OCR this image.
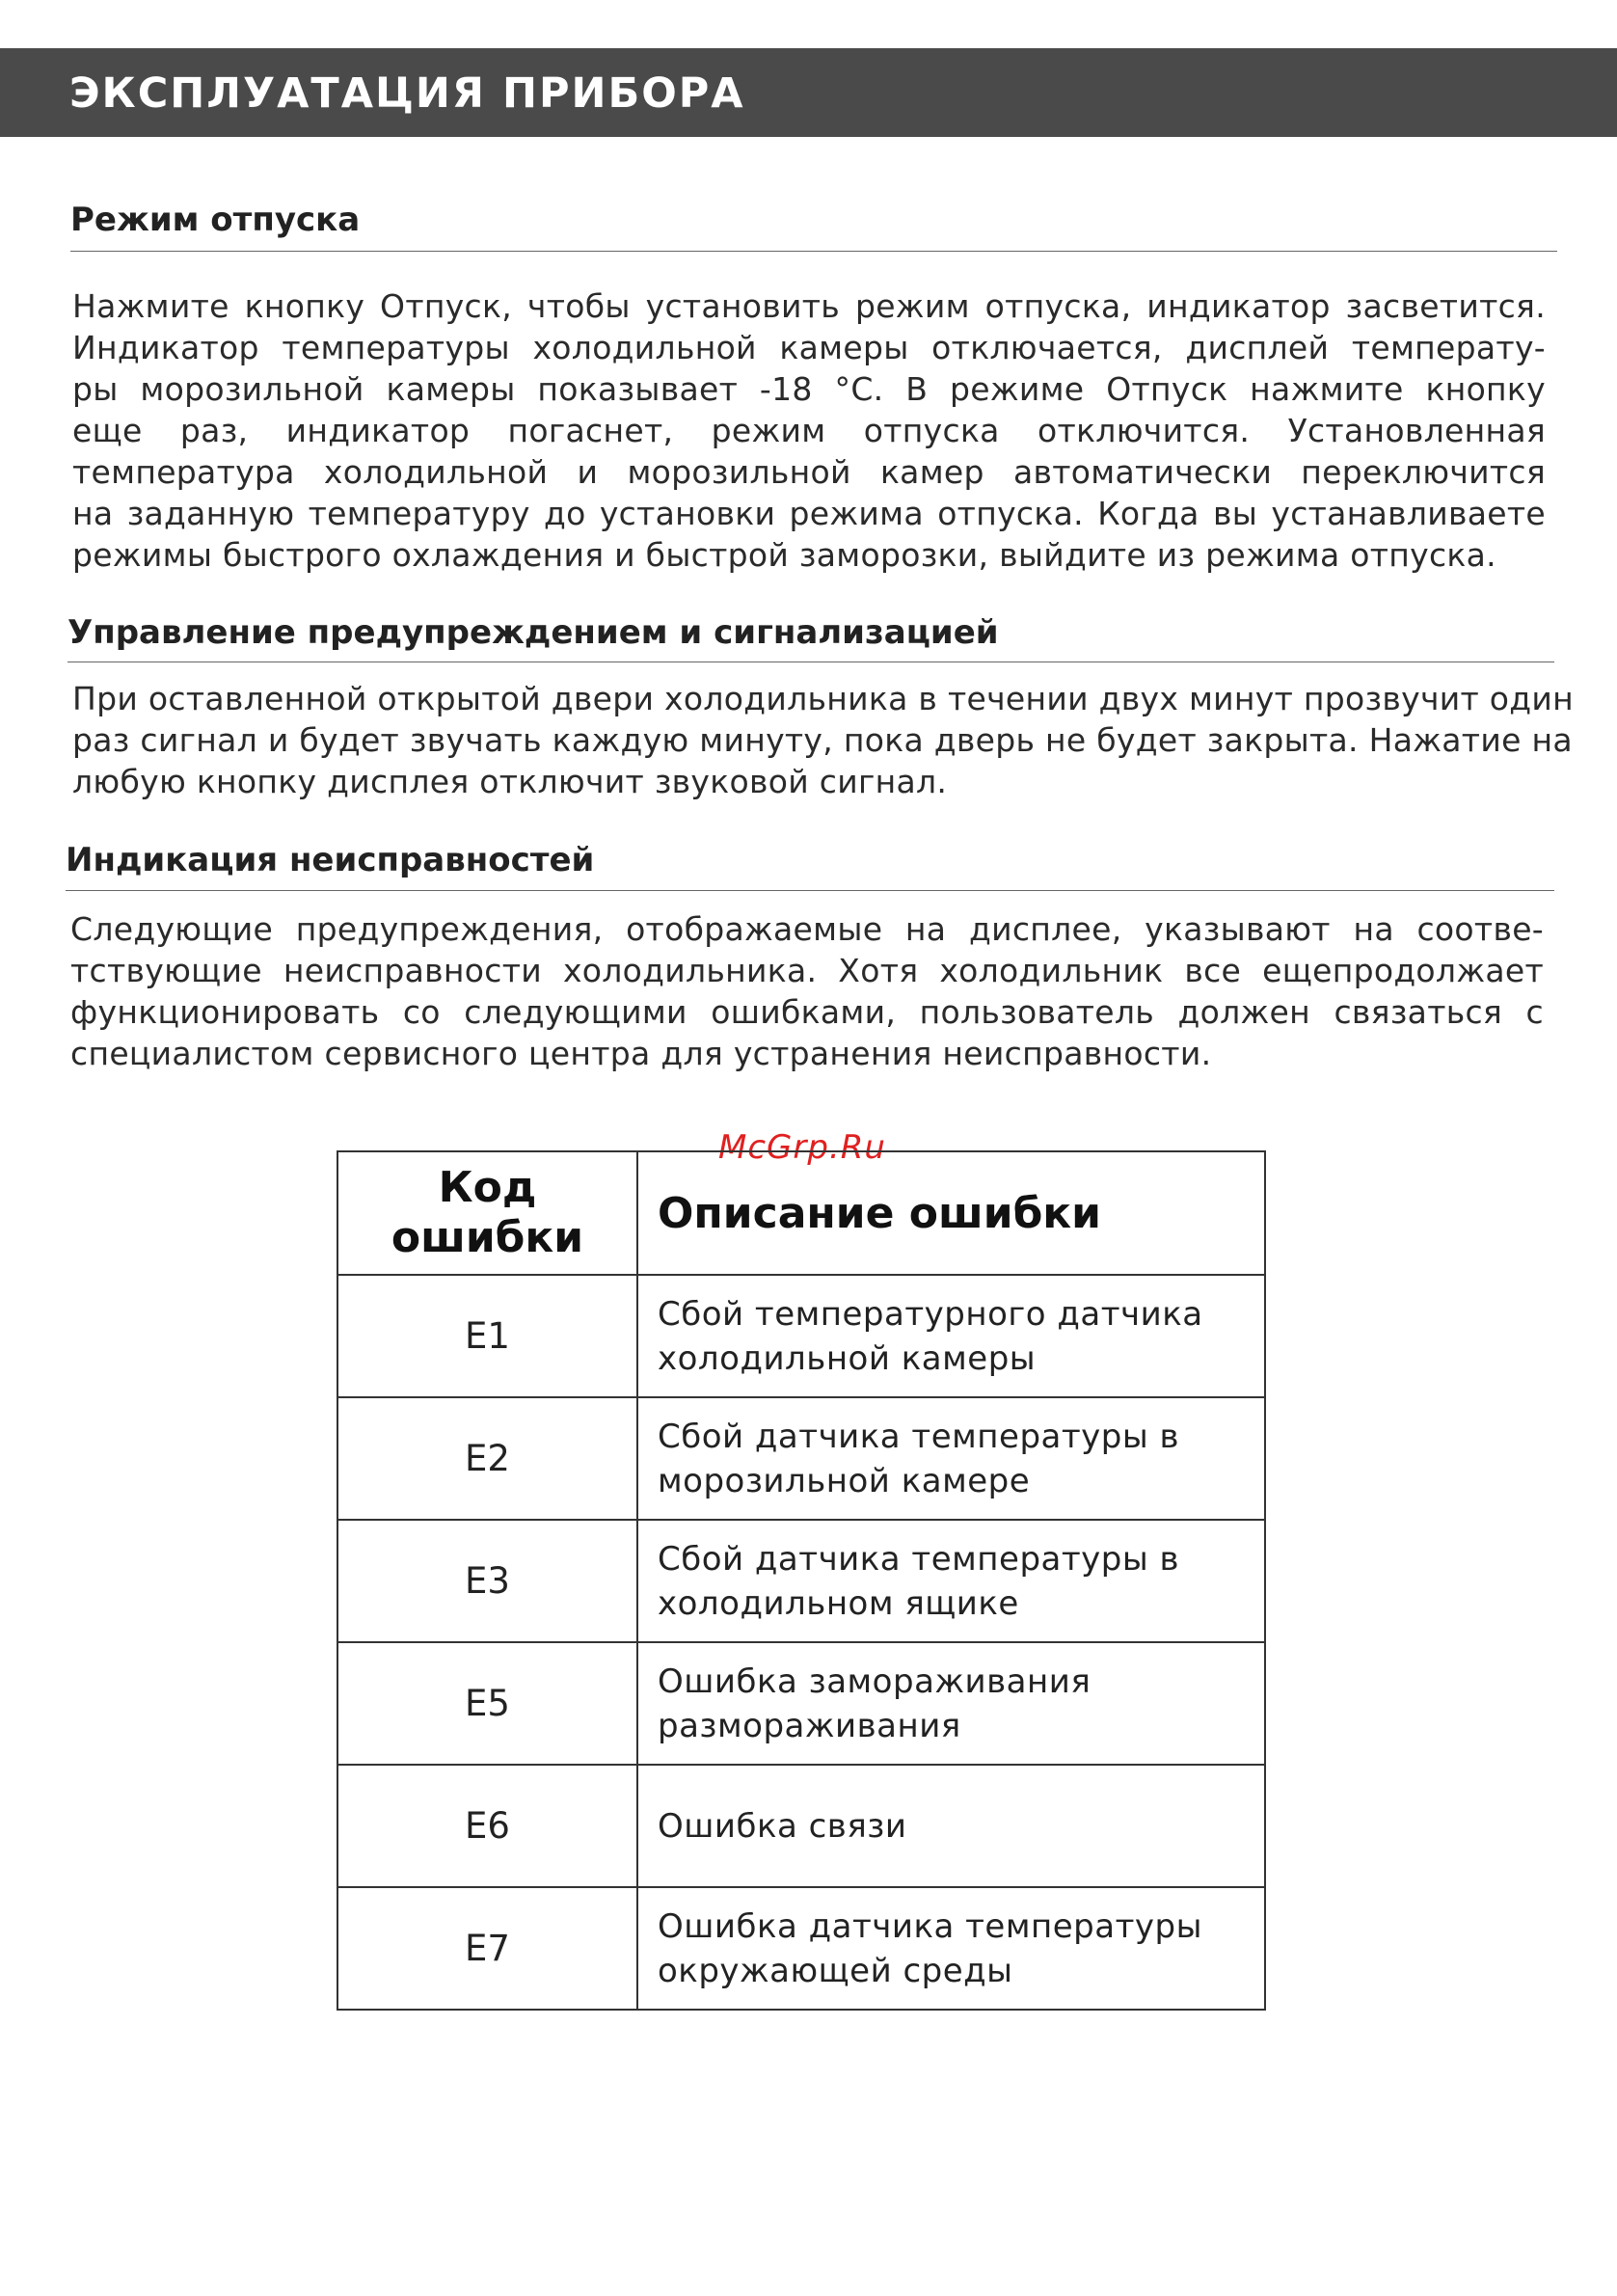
ЭКСПЛУАТАЦИЯ ПРИБОРА
Режим отпуска
Нажмите кнопку Отпуск, чтобы установить режим отпуска, индикатор засветится.
Индикатор температуры холодильной камеры отключается, дисплей температу-
ры морозильной камеры показывает -18 °С. В режиме Отпуск нажмите кнопку
еще раз, индикатор погаснет, режим отпуска отключится. Установленная
температура холодильной и морозильной камер автоматически переключится
на заданную температуру до установки режима отпуска. Когда вы устанавливаете
режимы быстрого охлаждения и быстрой заморозки, выйдите из режима отпуска.
Управление предупреждением и сигнализацией
При оставленной открытой двери холодильника в течении двух минут прозвучит один
раз сигнал и будет звучать каждую минуту, пока дверь не будет закрыта. Нажатие на
любую кнопку дисплея отключит звуковой сигнал.
Индикация неисправностей
Следующие предупреждения, отображаемые на дисплее, указывают на соотве-
тствующие неисправности холодильника. Хотя холодильник все ещепродолжает
функционировать со следующими ошибками, пользователь должен связаться с
специалистом сервисного центра для устранения неисправности.
McGrp.Ru
Код ошибки	Описание ошибки
E1	Сбой температурного датчика холодильной камеры
E2	Сбой датчика температуры в морозильной камере
E3	Сбой датчика температуры в холодильном ящике
E5	Ошибка замораживания размораживания
E6	Ошибка связи
E7	Ошибка датчика температуры окружающей среды
